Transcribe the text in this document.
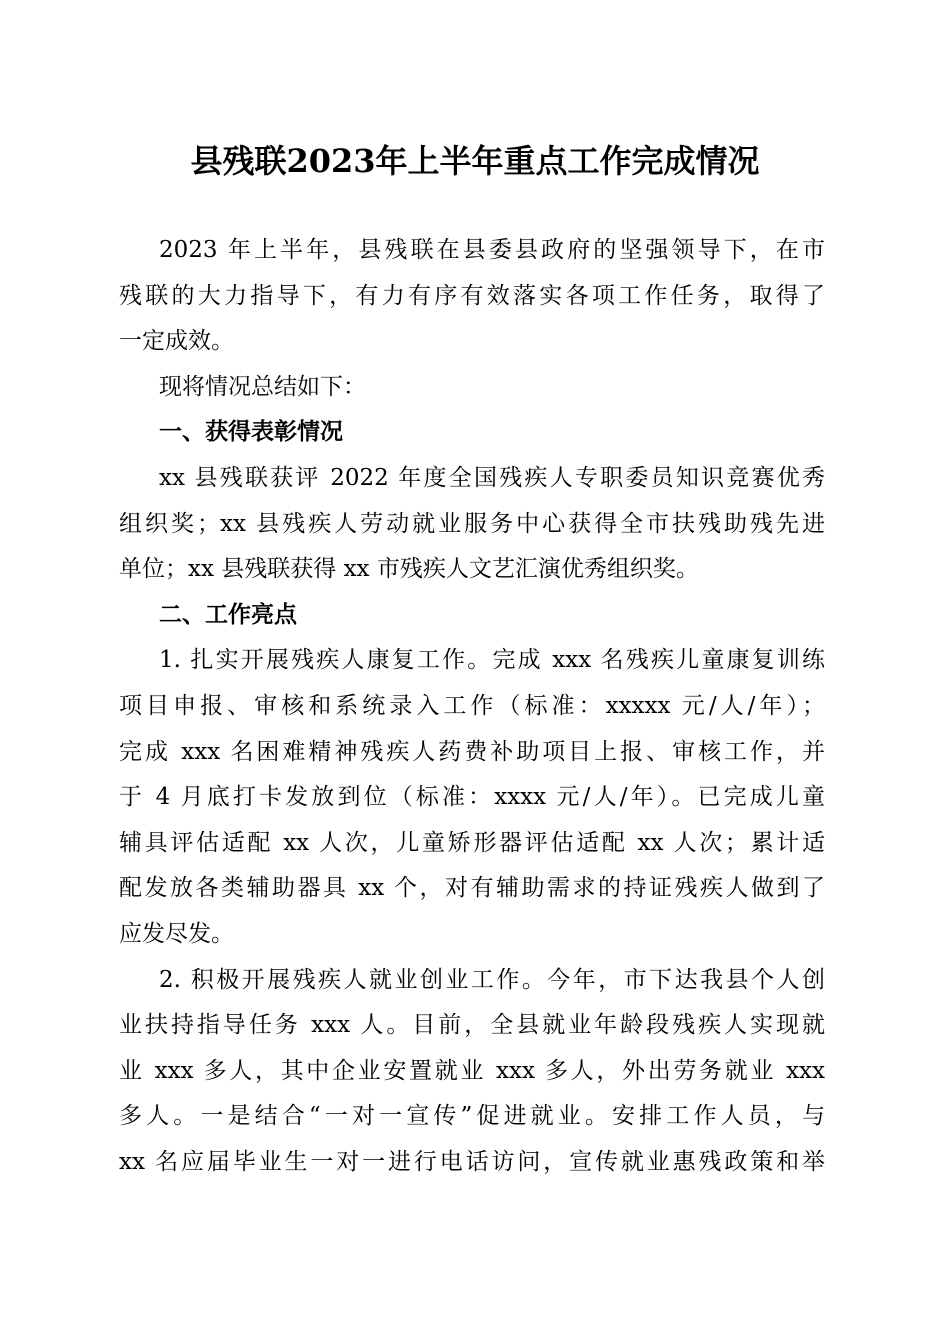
县残联2023年上半年重点工作完成情况
2023 年上半年，县残联在县委县政府的坚强领导下，在市
残联的大力指导下，有力有序有效落实各项工作任务，取得了
一定成效。
现将情况总结如下：
一、获得表彰情况
xx 县残联获评 2022 年度全国残疾人专职委员知识竞赛优秀
组织奖；xx 县残疾人劳动就业服务中心获得全市扶残助残先进
单位；xx 县残联获得 xx 市残疾人文艺汇演优秀组织奖。
二、工作亮点
1. 扎实开展残疾人康复工作。完成 xxx 名残疾儿童康复训练
项目申报、审核和系统录入工作（标准：xxxxx 元/人/年）；
完成 xxx 名困难精神残疾人药费补助项目上报、审核工作，并
于 4 月底打卡发放到位（标准：xxxx 元/人/年）。已完成儿童
辅具评估适配 xx 人次，儿童矫形器评估适配 xx 人次；累计适
配发放各类辅助器具 xx 个，对有辅助需求的持证残疾人做到了
应发尽发。
2. 积极开展残疾人就业创业工作。今年，市下达我县个人创
业扶持指导任务 xxx 人。目前，全县就业年龄段残疾人实现就
业 xxx 多人，其中企业安置就业 xxx 多人，外出劳务就业 xxx
多人。一是结合“一对一宣传”促进就业。安排工作人员，与
xx 名应届毕业生一对一进行电话访问，宣传就业惠残政策和举
